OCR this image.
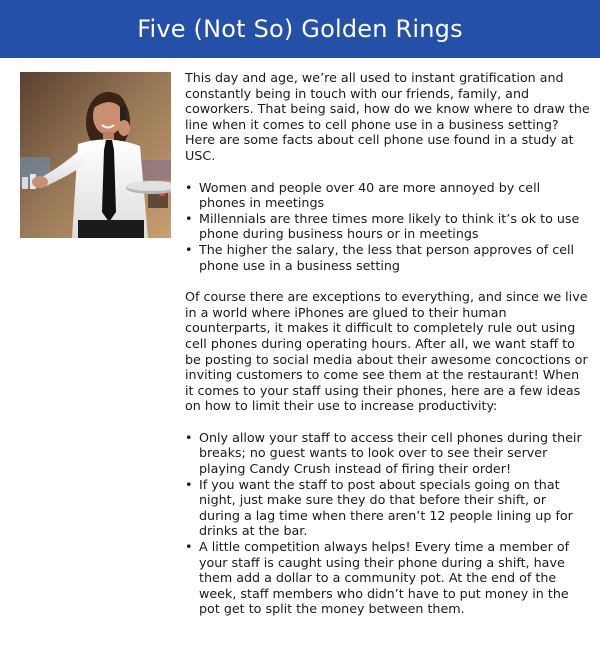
Five (Not So) Golden Rings

This day and age, we’re all used to instant gratification and constantly being in touch with our friends, family, and coworkers. That being said, how do we know where to draw the line when it comes to cell phone use in a business setting? Here are some facts about cell phone use found in a study at USC.

• Women and people over 40 are more annoyed by cell phones in meetings
• Millennials are three times more likely to think it’s ok to use phone during business hours or in meetings
• The higher the salary, the less that person approves of cell phone use in a business setting

Of course there are exceptions to everything, and since we live in a world where iPhones are glued to their human counterparts, it makes it difficult to completely rule out using cell phones during operating hours. After all, we want staff to be posting to social media about their awesome concoctions or inviting customers to come see them at the restaurant! When it comes to your staff using their phones, here are a few ideas on how to limit their use to increase productivity:

• Only allow your staff to access their cell phones during their breaks; no guest wants to look over to see their server playing Candy Crush instead of firing their order!
• If you want the staff to post about specials going on that night, just make sure they do that before their shift, or during a lag time when there aren’t 12 people lining up for drinks at the bar.
• A little competition always helps! Every time a member of your staff is caught using their phone during a shift, have them add a dollar to a community pot. At the end of the week, staff members who didn’t have to put money in the pot get to split the money between them.
